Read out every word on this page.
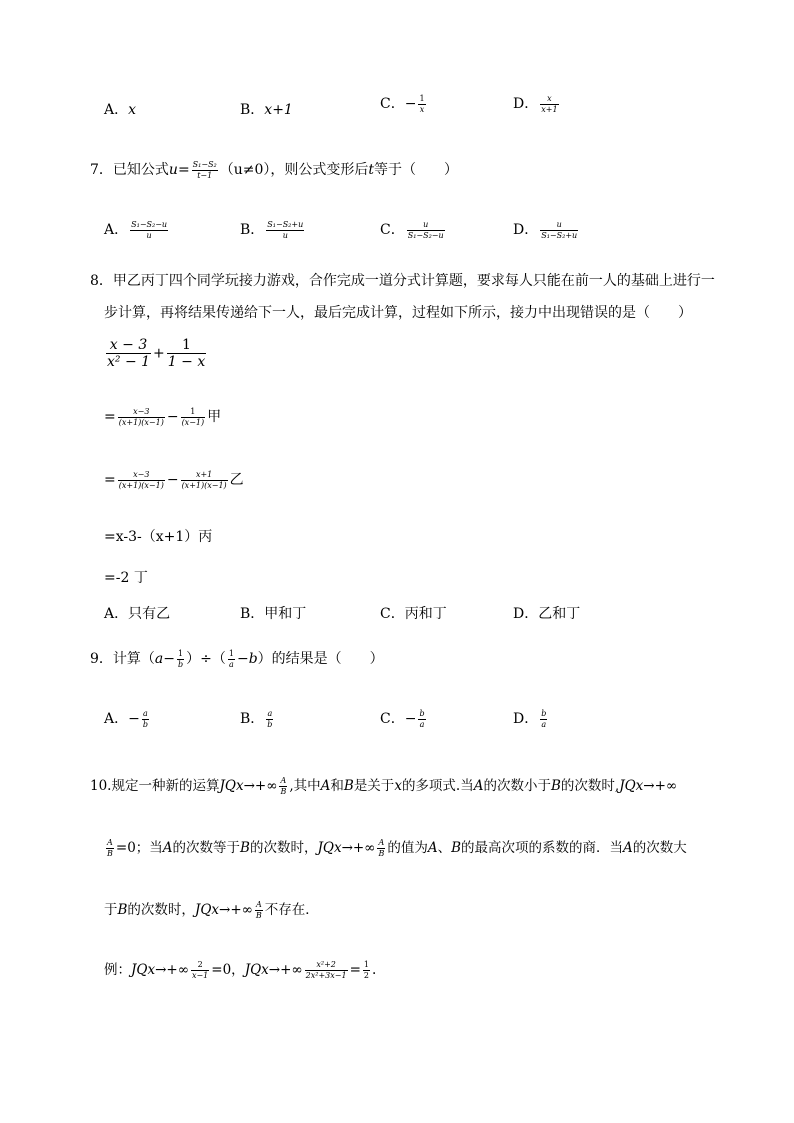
A．x	B．x+1	C．− $\frac{1}{x}$	D． $\frac{x}{x+1}$
7．已知公式$u= \frac{\text{S₁−S₂}}{t-1} (u\ne 0)$，则公式变形后t等于（　　）
A． $\frac{\text{S₁−S₂−u}}{u}$	B． $\frac{\text{S₁−S₂+u}}{u}$	C． $\frac{u}{\text{S₁−S₂−u}}$	D． $\frac{u}{\text{S₁−S₂+u}}$
8．甲乙丙丁四个同学玩接力游戏，合作完成一道分式计算题，要求每人只能在前一人的基础上进行一
步计算，再将结果传递给下一人，最后完成计算，过程如下所示，接力中出现错误的是（　　）
$\frac{x - 3}{\text{x² − 1}} + \frac{1}{1 - x}$
= $\frac{x-3}{(x+1)(x-1)} - \frac{1}{(x-1)}$ 甲
= $\frac{x-3}{(x+1)(x-1)} - \frac{x+1}{(x+1)(x-1)}$ 乙
=x-3-（x+1）丙
=-2 丁
A．只有乙	B．甲和丁	C．丙和丁	D．乙和丁
9．计算（$a- \frac{1}{b}$ ）÷（ $\frac{1}{a} -b$）的结果是（　　）
A．− $\frac{a}{b}$	B． $\frac{a}{b}$	C．− $\frac{b}{a}$	D． $\frac{b}{a}$
10.规定一种新的运算$JQx\to+\infty \frac{A}{B}$ ,其中A和B是关于x的多项式.当A的次数小于B的次数时,JQx→+∞
$\frac{A}{B} =0$；当A的次数等于B的次数时，$JQx\to+\infty \frac{A}{B}$ 的值为A、B的最高次项的系数的商．当A的次数大
于B的次数时，$JQx\to+\infty \frac{A}{B}$ 不存在．
例：$JQx\to+\infty \frac{2}{x-1} =0$，$JQx\to+\infty \frac{\text{x²+2}}{\text{2x²+3x−1}} = \frac{1}{2}$ .
